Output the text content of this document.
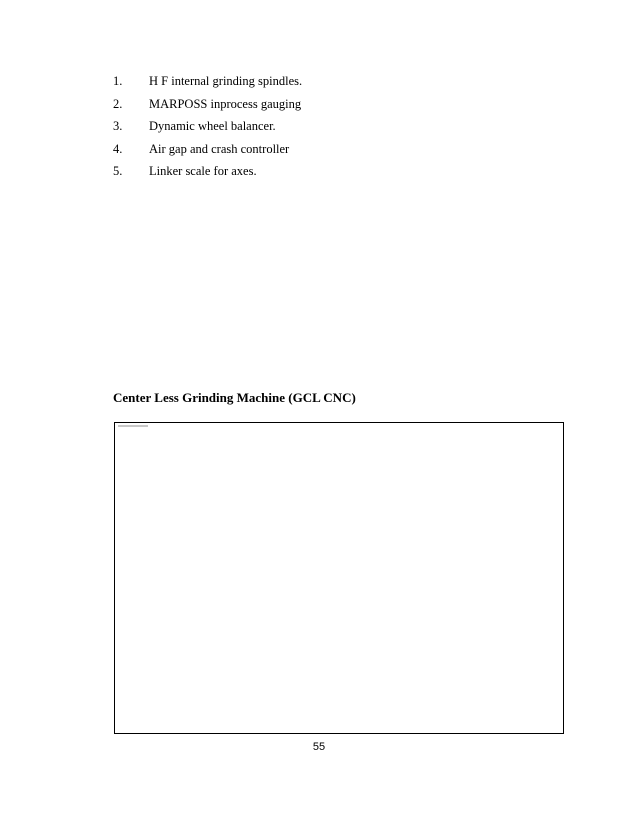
1.	H F internal grinding spindles.
2.	MARPOSS inprocess gauging
3.	Dynamic wheel balancer.
4.	Air gap and crash controller
5.	Linker scale for axes.
Center Less Grinding Machine (GCL CNC)
55
